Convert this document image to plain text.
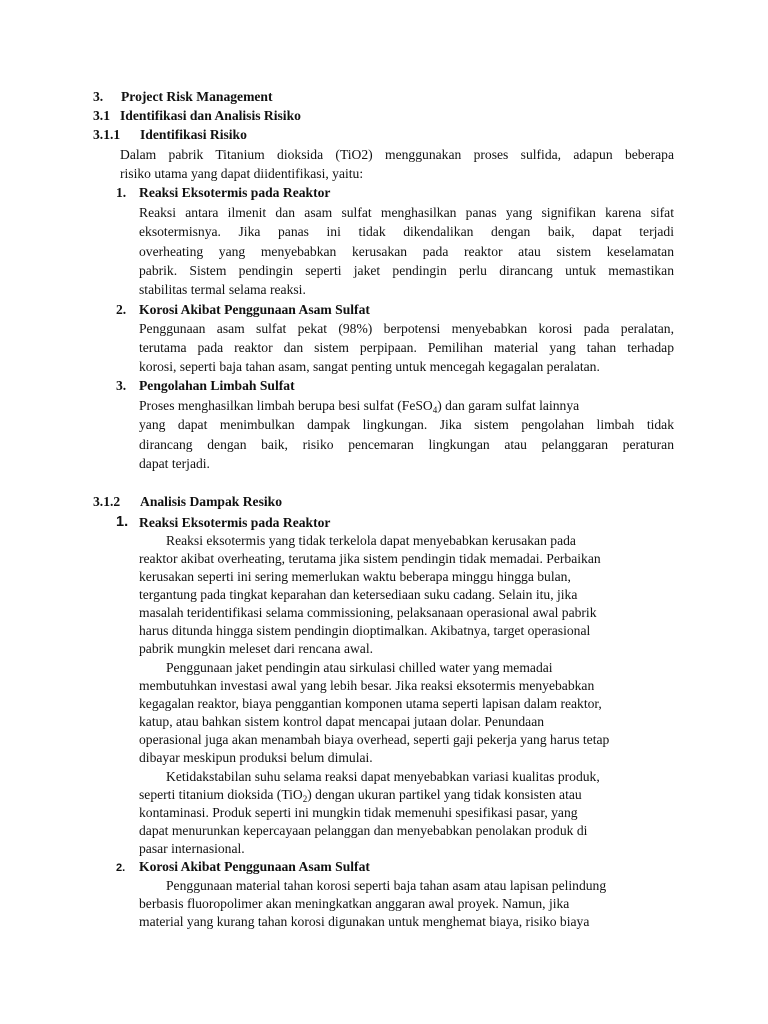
3. Project Risk Management
3.1 Identifikasi dan Analisis Risiko
3.1.1 Identifikasi Risiko
Dalam pabrik Titanium dioksida (TiO2) menggunakan proses sulfida, adapun beberapa
risiko utama yang dapat diidentifikasi, yaitu:
1. Reaksi Eksotermis pada Reaktor
Reaksi antara ilmenit dan asam sulfat menghasilkan panas yang signifikan karena sifat
eksotermisnya. Jika panas ini tidak dikendalikan dengan baik, dapat terjadi
overheating yang menyebabkan kerusakan pada reaktor atau sistem keselamatan
pabrik. Sistem pendingin seperti jaket pendingin perlu dirancang untuk memastikan
stabilitas termal selama reaksi.
2. Korosi Akibat Penggunaan Asam Sulfat
Penggunaan asam sulfat pekat (98%) berpotensi menyebabkan korosi pada peralatan,
terutama pada reaktor dan sistem perpipaan. Pemilihan material yang tahan terhadap
korosi, seperti baja tahan asam, sangat penting untuk mencegah kegagalan peralatan.
3. Pengolahan Limbah Sulfat
Proses menghasilkan limbah berupa besi sulfat (FeSO$_4$) dan garam sulfat lainnya
yang dapat menimbulkan dampak lingkungan. Jika sistem pengolahan limbah tidak
dirancang dengan baik, risiko pencemaran lingkungan atau pelanggaran peraturan
dapat terjadi.
3.1.2 Analisis Dampak Resiko
1. Reaksi Eksotermis pada Reaktor
Reaksi eksotermis yang tidak terkelola dapat menyebabkan kerusakan pada
reaktor akibat overheating, terutama jika sistem pendingin tidak memadai. Perbaikan
kerusakan seperti ini sering memerlukan waktu beberapa minggu hingga bulan,
tergantung pada tingkat keparahan dan ketersediaan suku cadang. Selain itu, jika
masalah teridentifikasi selama commissioning, pelaksanaan operasional awal pabrik
harus ditunda hingga sistem pendingin dioptimalkan. Akibatnya, target operasional
pabrik mungkin meleset dari rencana awal.
Penggunaan jaket pendingin atau sirkulasi chilled water yang memadai
membutuhkan investasi awal yang lebih besar. Jika reaksi eksotermis menyebabkan
kegagalan reaktor, biaya penggantian komponen utama seperti lapisan dalam reaktor,
katup, atau bahkan sistem kontrol dapat mencapai jutaan dolar. Penundaan
operasional juga akan menambah biaya overhead, seperti gaji pekerja yang harus tetap
dibayar meskipun produksi belum dimulai.
Ketidakstabilan suhu selama reaksi dapat menyebabkan variasi kualitas produk,
seperti titanium dioksida (TiO$_2$) dengan ukuran partikel yang tidak konsisten atau
kontaminasi. Produk seperti ini mungkin tidak memenuhi spesifikasi pasar, yang
dapat menurunkan kepercayaan pelanggan dan menyebabkan penolakan produk di
pasar internasional.
2. Korosi Akibat Penggunaan Asam Sulfat
Penggunaan material tahan korosi seperti baja tahan asam atau lapisan pelindung
berbasis fluoropolimer akan meningkatkan anggaran awal proyek. Namun, jika
material yang kurang tahan korosi digunakan untuk menghemat biaya, risiko biaya
